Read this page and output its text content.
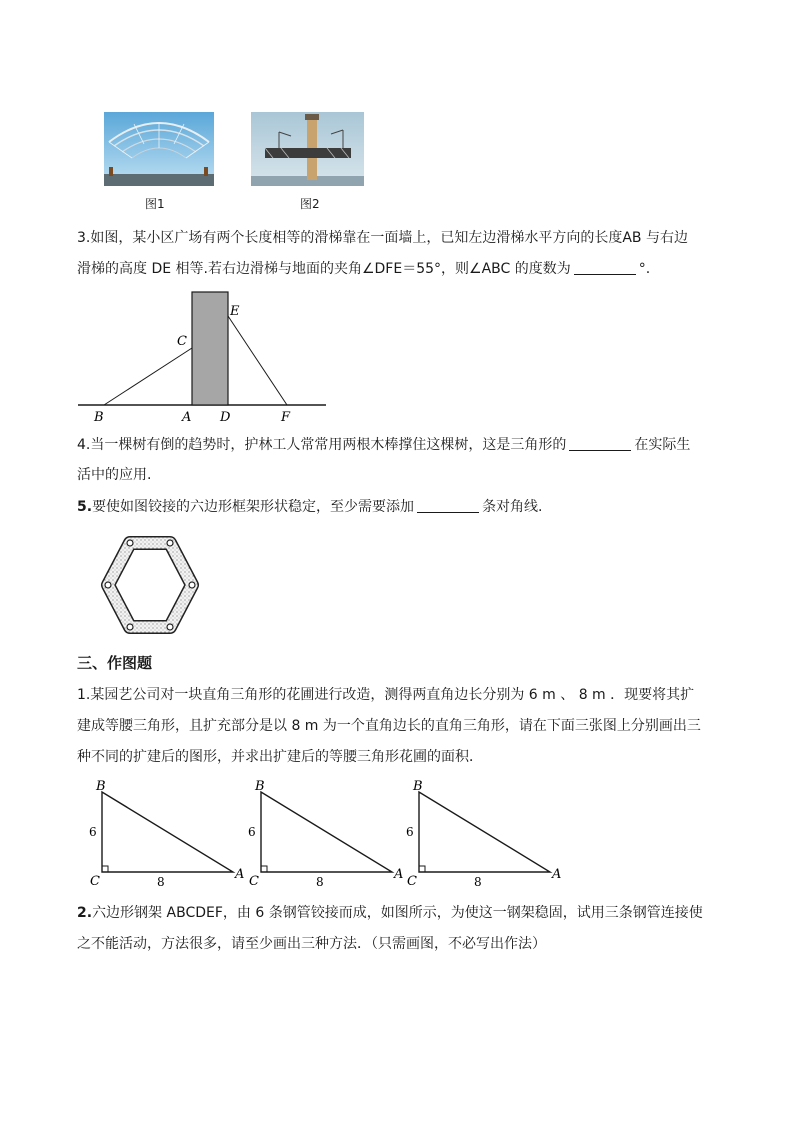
图1	图2
3.如图，某小区广场有两个长度相等的滑梯靠在一面墙上，已知左边滑梯水平方向的长度AB 与右边
滑梯的高度 DE 相等.若右边滑梯与地面的夹角∠DFE＝55°，则∠ABC 的度数为	°.
B	A D	F
C
E
4.当一棵树有倒的趋势时，护林工人常常用两根木棒撑住这棵树，这是三角形的	在实际生
活中的应用.
5.要使如图铰接的六边形框架形状稳定，至少需要添加	条对角线.
三、作图题
1.某园艺公司对一块直角三角形的花圃进行改造，测得两直角边长分别为 6 m 、 8 m ．现要将其扩
建成等腰三角形，且扩充部分是以 8 m 为一个直角边长的直角三角形，请在下面三张图上分别画出三
种不同的扩建后的图形，并求出扩建后的等腰三角形花圃的面积．
B
C	A
6
8
B
C	A
6
8
B
C	A
6
8
2.六边形钢架 ABCDEF，由 6 条钢管铰接而成，如图所示，为使这一钢架稳固，试用三条钢管连接使
之不能活动，方法很多，请至少画出三种方法．（只需画图，不必写出作法）
